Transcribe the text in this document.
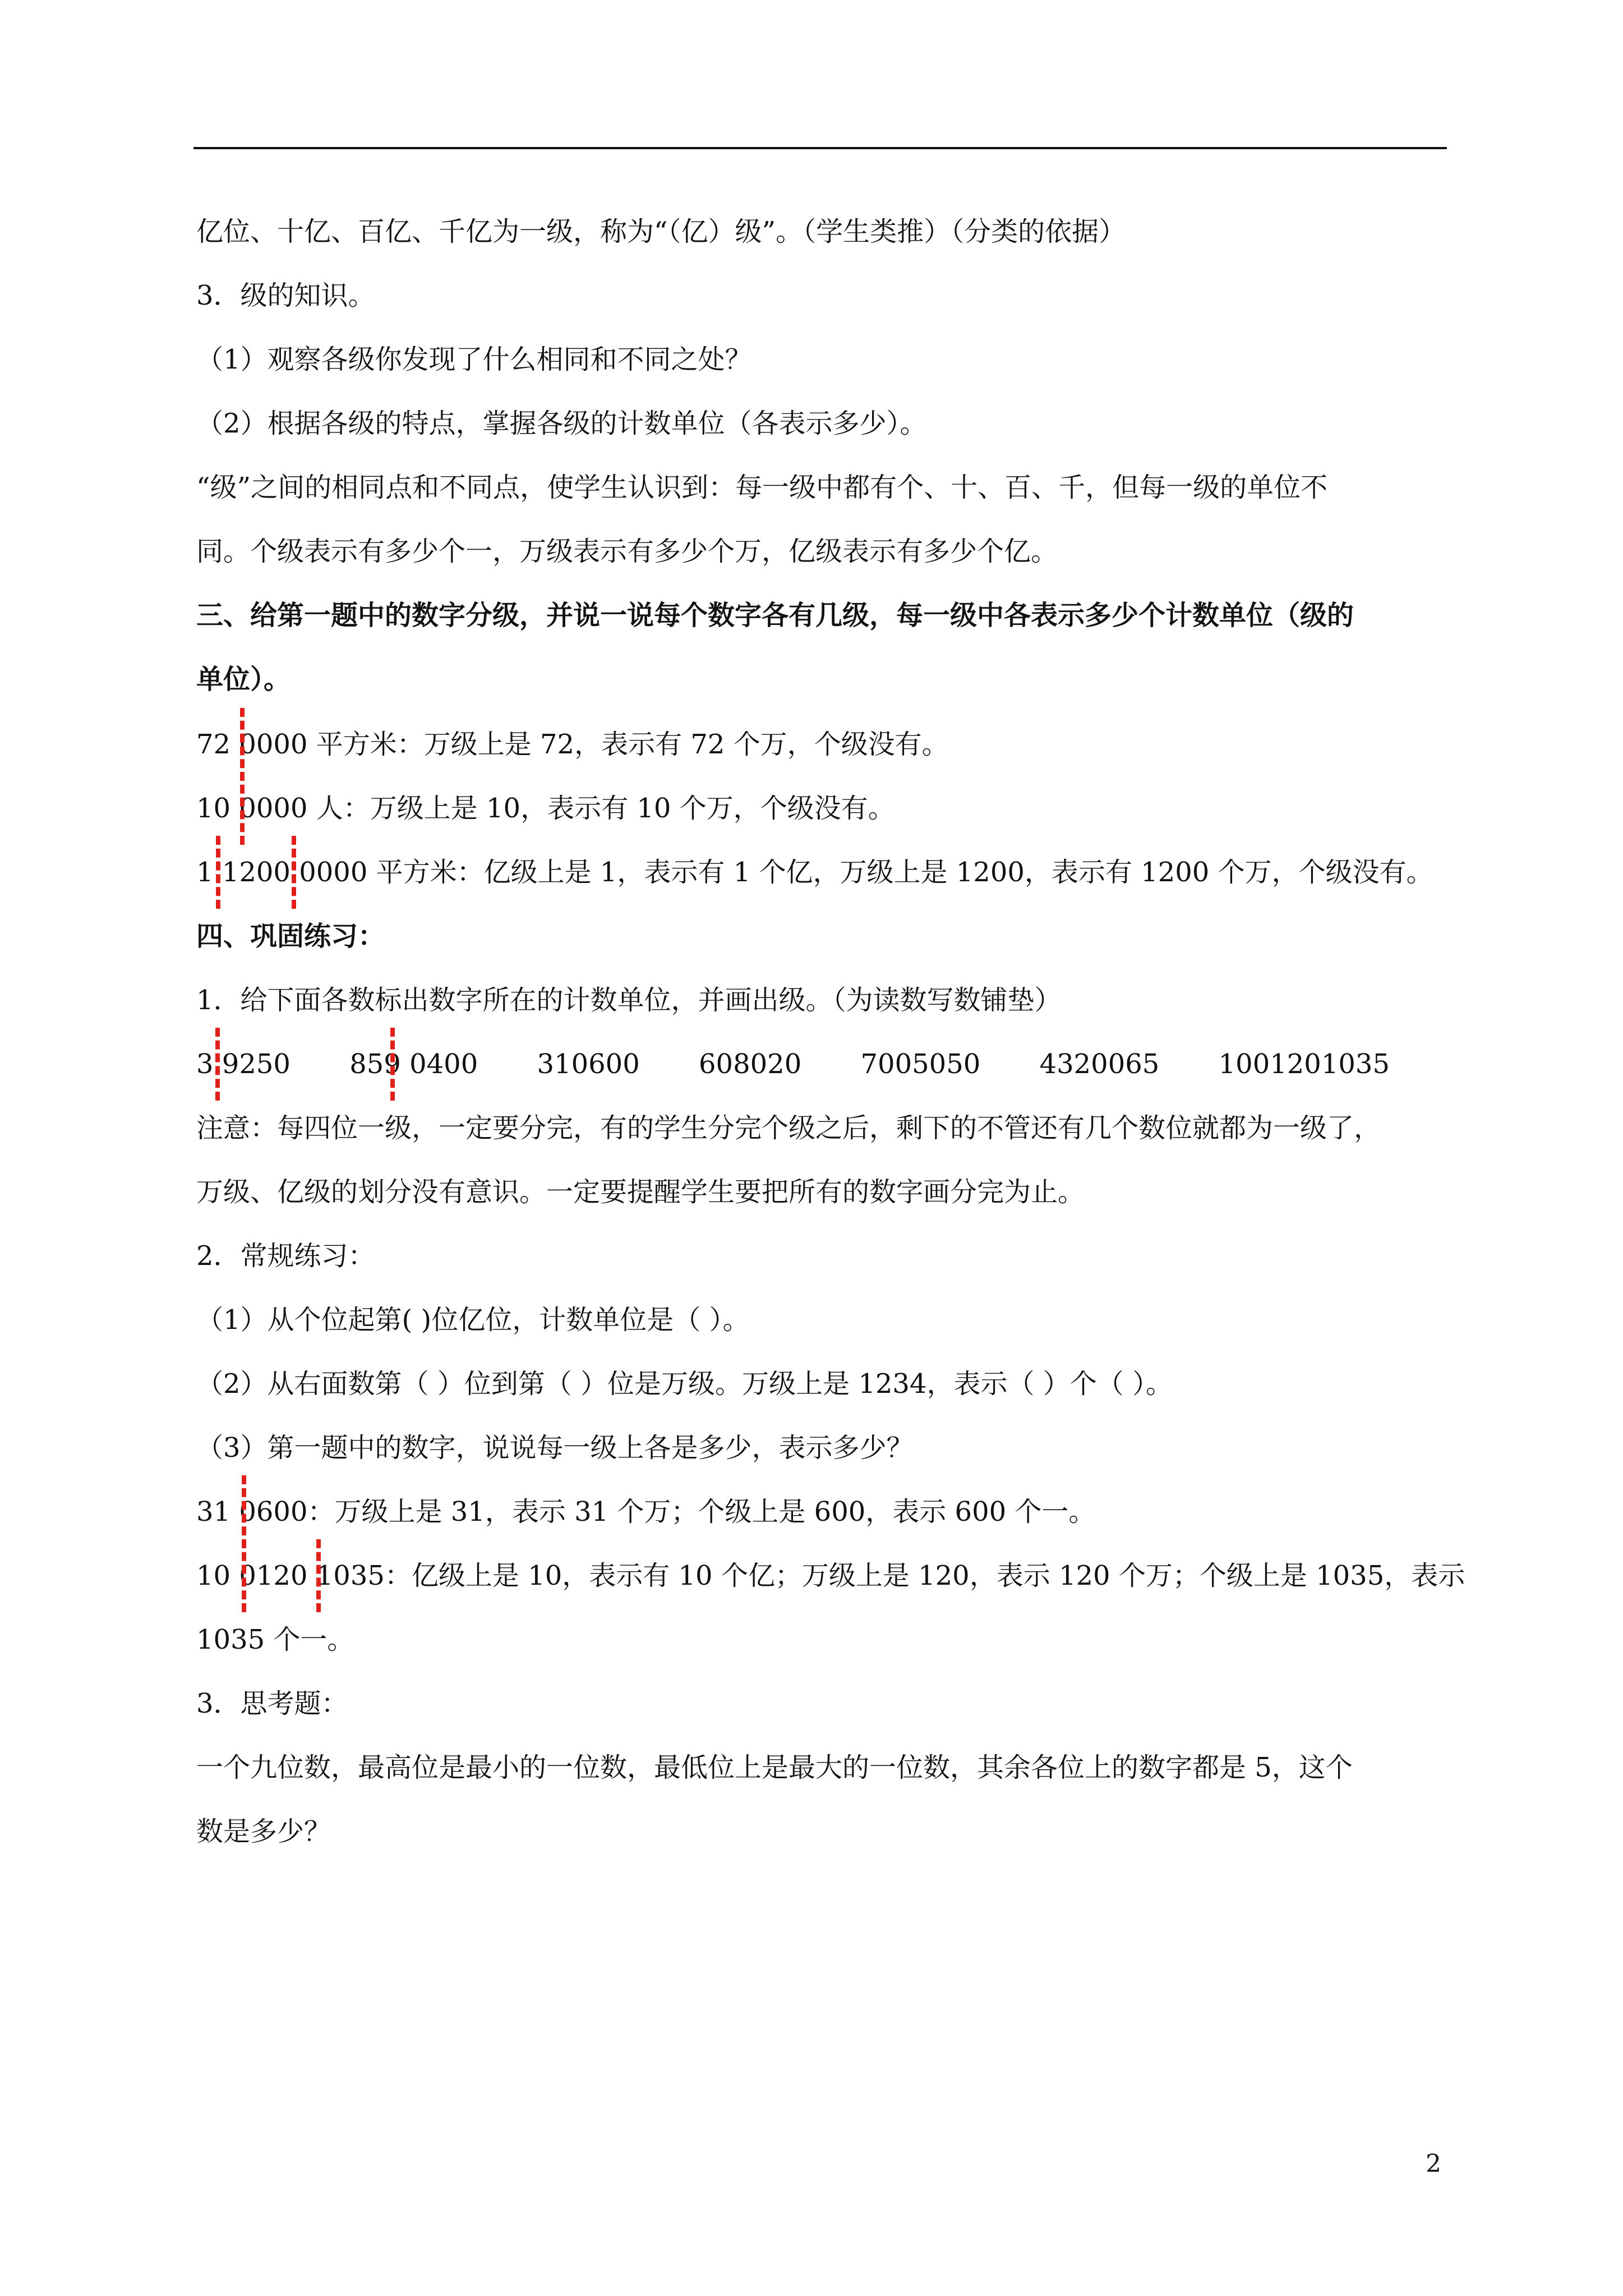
亿位、十亿、百亿、千亿为一级，称为“（亿）级”。（学生类推）（分类的依据）
3．级的知识。
（1）观察各级你发现了什么相同和不同之处？
（2）根据各级的特点，掌握各级的计数单位（各表示多少）。
“级”之间的相同点和不同点，使学生认识到：每一级中都有个、十、百、千，但每一级的单位不
同。个级表示有多少个一，万级表示有多少个万，亿级表示有多少个亿。
三、给第一题中的数字分级，并说一说每个数字各有几级，每一级中各表示多少个计数单位（级的
单位）。
72 0000 平方米：万级上是 72，表示有 72 个万，个级没有。
10 0000 人：万级上是 10，表示有 10 个万，个级没有。
1 1200 0000 平方米：亿级上是 1，表示有 1 个亿，万级上是 1200，表示有 1200 个万，个级没有。
四、巩固练习：
1．给下面各数标出数字所在的计数单位，并画出级。（为读数写数铺垫）
3 9250 859 0400 310600 608020 7005050 4320065 1001201035
注意：每四位一级，一定要分完，有的学生分完个级之后，剩下的不管还有几个数位就都为一级了，
万级、亿级的划分没有意识。一定要提醒学生要把所有的数字画分完为止。
2．常规练习：
（1）从个位起第( )位亿位，计数单位是（ ）。
（2）从右面数第（ ）位到第（ ）位是万级。万级上是 1234，表示（ ）个（ ）。
（3）第一题中的数字，说说每一级上各是多少，表示多少？
31 0600：万级上是 31，表示 31 个万；个级上是 600，表示 600 个一。
10 0120 1035：亿级上是 10，表示有 10 个亿；万级上是 120，表示 120 个万；个级上是 1035，表示
1035 个一。
3．思考题：
一个九位数，最高位是最小的一位数，最低位上是最大的一位数，其余各位上的数字都是 5，这个
数是多少？
2
